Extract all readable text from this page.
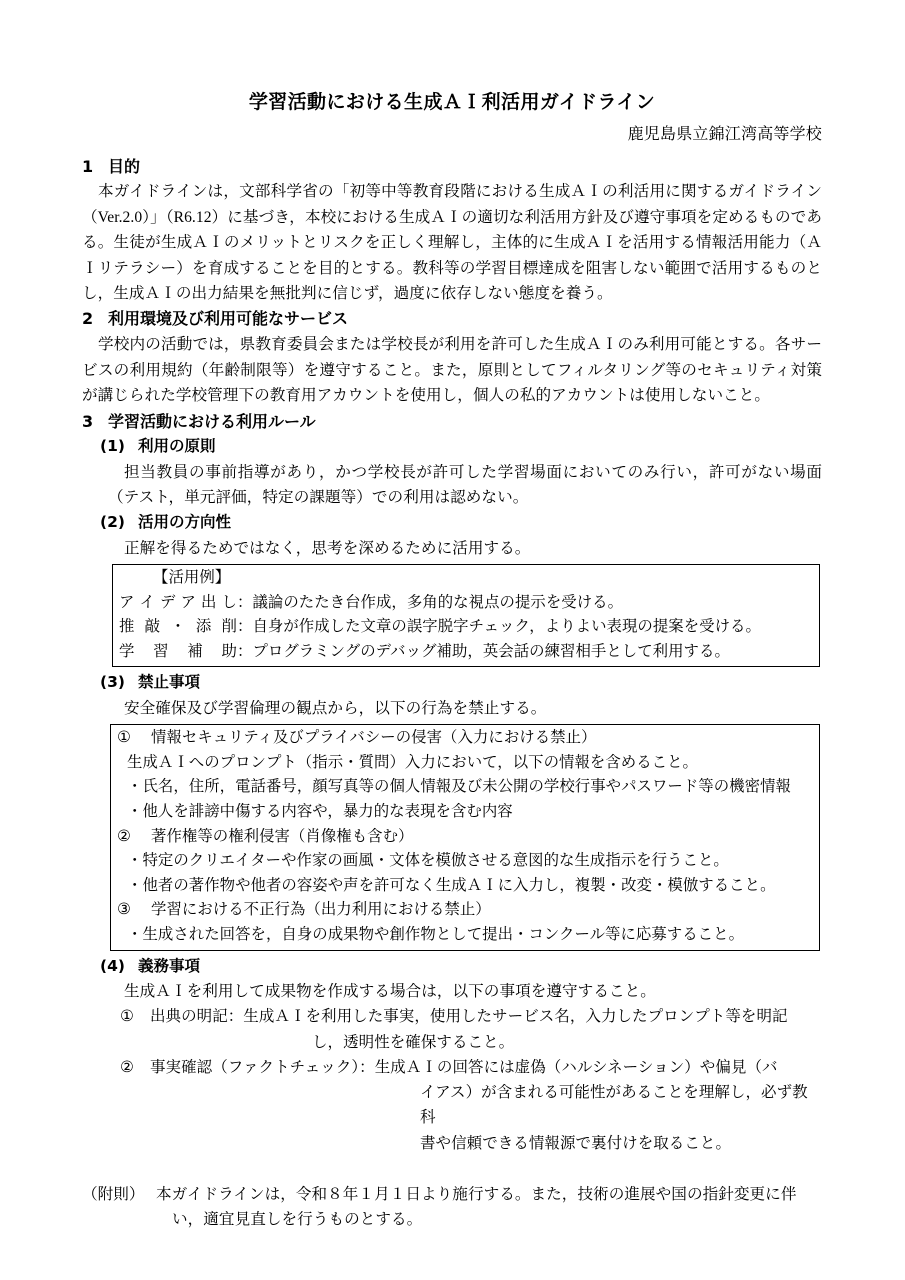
学習活動における生成ＡＩ利活用ガイドライン
鹿児島県立錦江湾高等学校
1 目的

本ガイドラインは，文部科学省の「初等中等教育段階における生成ＡＩの利活用に関するガイドライン（Ver.2.0）」（R6.12）に基づき，本校における生成ＡＩの適切な利活用方針及び遵守事項を定めるものである。生徒が生成ＡＩのメリットとリスクを正しく理解し，主体的に生成ＡＩを活用する情報活用能力（ＡＩリテラシー）を育成することを目的とする。教科等の学習目標達成を阻害しない範囲で活用するものとし，生成ＡＩの出力結果を無批判に信じず，過度に依存しない態度を養う。

2 利用環境及び利用可能なサービス

学校内の活動では，県教育委員会または学校長が利用を許可した生成ＡＩのみ利用可能とする。各サービスの利用規約（年齢制限等）を遵守すること。また，原則としてフィルタリング等のセキュリティ対策が講じられた学校管理下の教育用アカウントを使用し，個人の私的アカウントは使用しないこと。

3 学習活動における利用ルール
(1) 利用の原則

担当教員の事前指導があり，かつ学校長が許可した学習場面においてのみ行い，許可がない場面（テスト，単元評価，特定の課題等）での利用は認めない。

(2) 活用の方向性

正解を得るためではなく，思考を深めるために活用する。

【活用例】
ア イ デ ア 出 し ： 議論のたたき台作成，多角的な視点の提示を受ける。
推 敲 ・ 添 削 ： 自身が作成した文章の誤字脱字チェック，よりよい表現の提案を受ける。
学 習 補 助 ： プログラミングのデバッグ補助，英会話の練習相手として利用する。
(3) 禁止事項

安全確保及び学習倫理の観点から，以下の行為を禁止する。

①	情報セキュリティ及びプライバシーの侵害（入力における禁止）
生成ＡＩへのプロンプト（指示・質問）入力において，以下の情報を含めること。
・氏名，住所，電話番号，顔写真等の個人情報及び未公開の学校行事やパスワード等の機密情報
・他人を誹謗中傷する内容や，暴力的な表現を含む内容
②	著作権等の権利侵害（肖像権も含む）
・特定のクリエイターや作家の画風・文体を模倣させる意図的な生成指示を行うこと。
・他者の著作物や他者の容姿や声を許可なく生成ＡＩに入力し，複製・改変・模倣すること。
③	学習における不正行為（出力利用における禁止）
・生成された回答を，自身の成果物や創作物として提出・コンクール等に応募すること。
(4) 義務事項

生成ＡＩを利用して成果物を作成する場合は，以下の事項を遵守すること。

①	出典の明記：生成ＡＩを利用した事実，使用したサービス名，入力したプロンプト等を明記
し，透明性を確保すること。
②	事実確認（ファクトチェック）：生成ＡＩの回答には虚偽（ハルシネーション）や偏見（バ
イアス）が含まれる可能性があることを理解し，必ず教科
書や信頼できる情報源で裏付けを取ること。
（附則） 本ガイドラインは，令和８年１月１日より施行する。また，技術の進展や国の指針変更に伴
い，適宜見直しを行うものとする。
